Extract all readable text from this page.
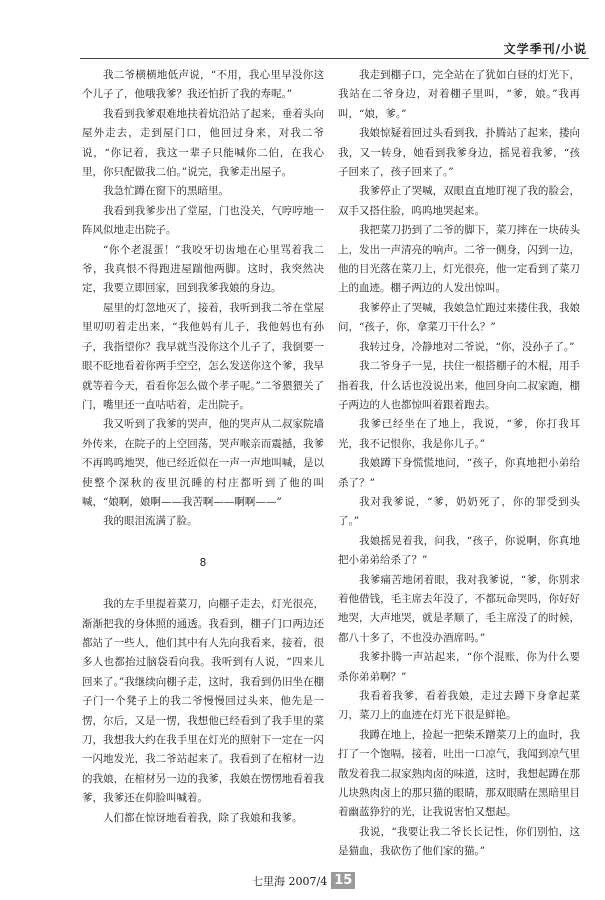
文学季刊/小说

我二爷横横地低声说，“不用，我心里早没你这个儿子了，他哦我爹？我还怕折了我的寿呢。”

我看到我爹艰难地扶着炕沿站了起来，垂着头向屋外走去，走到屋门口，他回过身来，对我二爷说，“你记着，我这一辈子只能喊你二伯，在我心里，你只配做我二伯。”说完，我爹走出屋子。

我急忙蹲在窗下的黑暗里。

我看到我爹步出了堂屋，门也没关，气哼哼地一阵风似地走出院子。

“你个老混蛋！”我咬牙切齿地在心里骂着我二爷，我真恨不得跑进屋踹他两脚。这时，我突然决定，我要立即回家，回到我爹我娘的身边。

屋里的灯忽地灭了，接着，我听到我二爷在堂屋里叨叨着走出来，“我他妈有儿子，我他妈也有孙子，我指望你？我早就当没你这个儿子了，我倒要一眼不眨地看着你两手空空，怎么发送你这个爹，我早就等着今天，看看你怎么做个孝子呢。”二爷猥猥关了门，嘴里还一直咕咕着，走出院子。

我又听到了我爹的哭声，他的哭声从二叔家院墙外传来，在院子的上空回荡，哭声喉亲而震撼，我爹不再鸣鸣地哭，他已经近似在一声一声地叫喊，是以使整个深秋的夜里沉睡的村庄都听到了他的叫喊，“娘啊，娘啊——我苦啊——啊啊——”

我的眼泪流满了脸。

8

我的左手里提着菜刀，向棚子走去，灯光很亮，渐渐把我的身体照的通透。我看到，棚子门口两边还都站了一些人，他们其中有人先向我看来，接着，很多人也都抬过脑袋看向我。我听到有人说，“四来儿回来了。”我继续向棚子走，这时，我看到仍旧坐在棚子门一个凳子上的我二爷慢慢回过头来，他先是一愣，尔后，又是一愣，我想他已经看到了我手里的菜刀，我想我大约在我手里在灯光的照射下一定在一闪一闪地发光，我二爷站起来了。我看到了在棺材一边的我娘，在棺材另一边的我爹，我娘在愣愣地看着我爹，我爹还在仰脸叫喊着。

人们都在惊讶地看着我，除了我娘和我爹。

我走到棚子口，完全站在了犹如白昼的灯光下，我站在二爷身边，对着棚子里叫，“爹，娘。”我再叫，“娘，爹。”

我娘惊疑着回过头看到我，扑腾站了起来，搂向我，又一转身，她看到我爹身边，摇晃着我爹，“孩子回来了，孩子回来了。”

我爹停止了哭喊，双眼直直地盯视了我的脸会，双手又搭住脸，呜呜地哭起来。

我把菜刀扔到了二爷的脚下，菜刀摔在一块砖头上，发出一声清亮的响声。二爷一侧身，闪到一边，他的目光落在菜刀上，灯光很亮，他一定看到了菜刀上的血迹。棚子两边的人发出惊叫。

我爹停止了哭喊，我娘急忙跑过来搂住我，我娘问，“孩子，你，拿菜刀干什么？”

我转过身，冷静地对二爷说，“你，没孙子了。”

我二爷身子一晃，扶住一根搭棚子的木棍，用手指着我，什么话也没说出来，他回身向二叔家跑，棚子两边的人也都惊叫着跟着跑去。

我爹已经坐在了地上，我说，“爹，你打我耳光，我不记恨你，我是你儿子。”

我娘蹲下身慌慌地问，“孩子，你真地把小弟给杀了？”

我对我爹说，“爹，奶奶死了，你的罪受到头了。”

我娘摇晃着我，问我，“孩子，你说啊，你真地把小弟弟给杀了？”

我爹痛苦地闭着眼，我对我爹说，“爹，你别求着他借钱，毛主席去年没了，不都玩命哭吗，你好好地哭，大声地哭，就是孝顺了，毛主席没了的时候，都八十多了，不也没办酒席吗。”

我爹扑腾一声站起来，“你个混账，你为什么要杀你弟弟啊？”

我看着我爹，看着我娘，走过去蹲下身拿起菜刀，菜刀上的血迹在灯光下很是鲜艳。

我蹲在地上，捡起一把柴禾蹭菜刀上的血时，我打了一个饱嗝，接着，吐出一口凉气，我闻到凉气里散发着我二叔家熟肉卤的味道，这时，我想起蹲在那儿块熟肉卤上的那只猫的眼睛，那双眼睛在黑暗里目着幽蓝狰狞的光，让我说害怕又想起。

我说，“我要让我二爷长长记性，你们别怕，这是猫血，我砍伤了他们家的猫。”

七里海 2007/4 15
